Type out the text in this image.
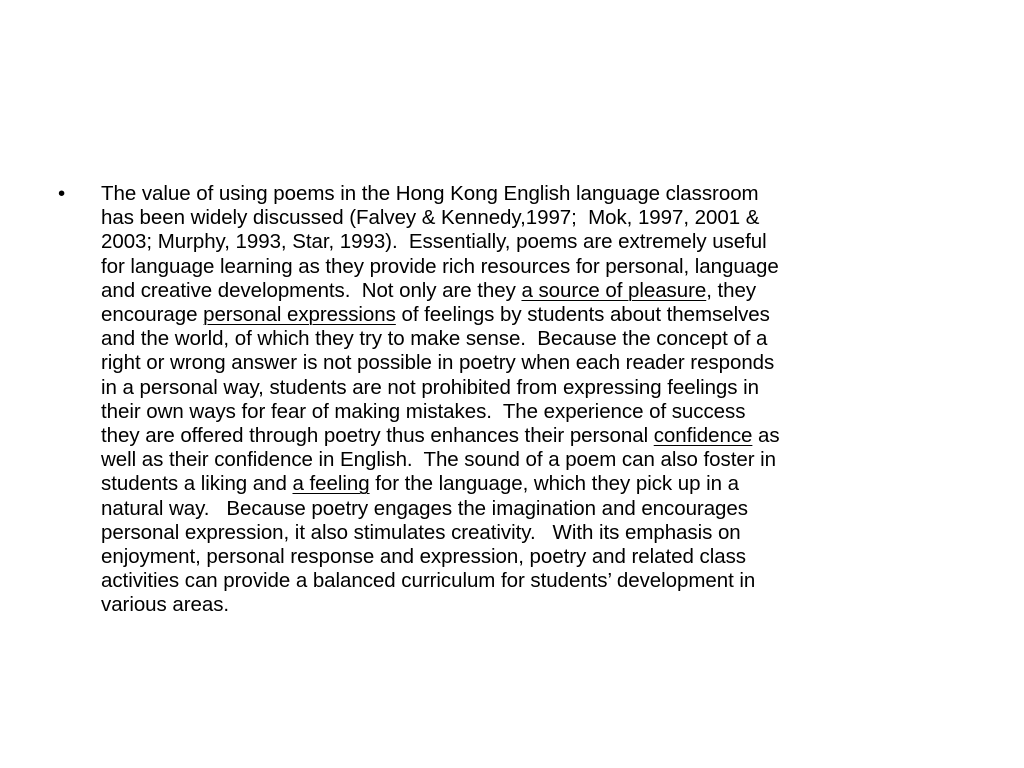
• The value of using poems in the Hong Kong English language classroom
has been widely discussed (Falvey & Kennedy,1997;  Mok, 1997, 2001 &
2003; Murphy, 1993, Star, 1993).  Essentially, poems are extremely useful
for language learning as they provide rich resources for personal, language
and creative developments.  Not only are they a source of pleasure, they
encourage personal expressions of feelings by students about themselves
and the world, of which they try to make sense.  Because the concept of a
right or wrong answer is not possible in poetry when each reader responds
in a personal way, students are not prohibited from expressing feelings in
their own ways for fear of making mistakes.  The experience of success
they are offered through poetry thus enhances their personal confidence as
well as their confidence in English.  The sound of a poem can also foster in
students a liking and a feeling for the language, which they pick up in a
natural way.   Because poetry engages the imagination and encourages
personal expression, it also stimulates creativity.   With its emphasis on
enjoyment, personal response and expression, poetry and related class
activities can provide a balanced curriculum for students’ development in
various areas.
